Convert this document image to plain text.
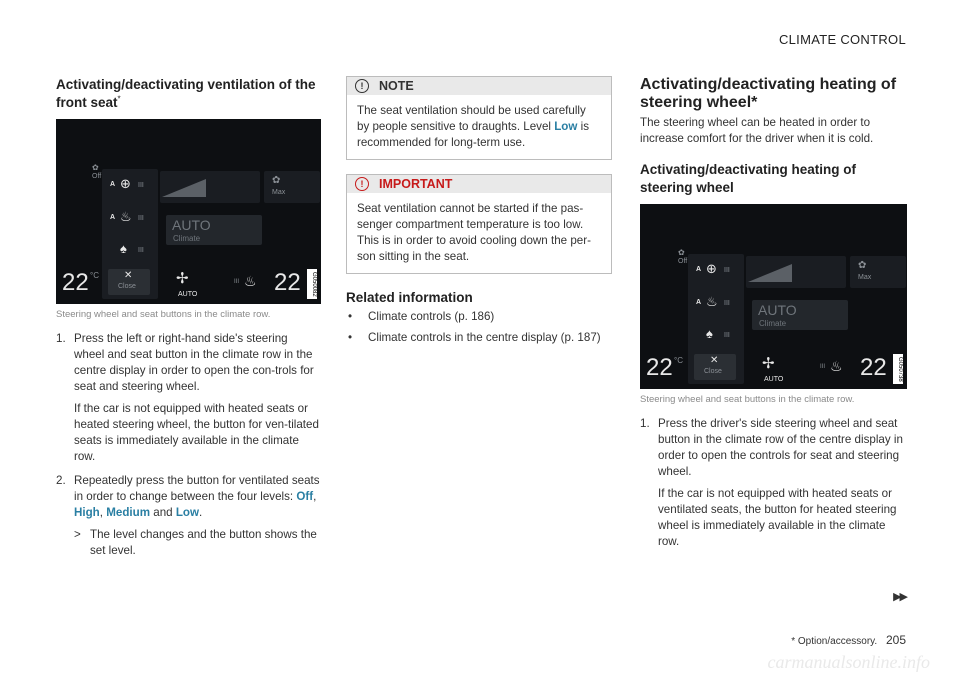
CLIMATE CONTROL
Activating/deactivating ventilation of the front seat*
Off
✿
A ⊕ III
A ♨ III
♠ III
✿
Max
AUTO
Climate
22 °C	✕
Close	✢
AUTO
III ♨ 22	G050082
Steering wheel and seat buttons in the climate row.
1. Press the left or right-hand side's steering wheel and seat button in the climate row in the centre display in order to open the con-trols for seat and steering wheel.

If the car is not equipped with heated seats or heated steering wheel, the button for ven-tilated seats is immediately available in the climate row.

2. Repeatedly press the button for ventilated seats in order to change between the four levels: Off, High, Medium and Low.

> The level changes and the button shows the set level.
!	NOTE

The seat ventilation should be used carefully by people sensitive to draughts. Level Low is recommended for long-term use.

!	IMPORTANT

Seat ventilation cannot be started if the pas-senger compartment temperature is too low. This is in order to avoid cooling down the per-son sitting in the seat.

Related information
• Climate controls (p. 186)
• Climate controls in the centre display (p. 187)
Activating/deactivating heating of steering wheel*

The steering wheel can be heated in order to increase comfort for the driver when it is cold.

Activating/deactivating heating of steering wheel
Off
✿
A ⊕ III
A ♨ III
♠ III
✿
Max
AUTO
Climate
22 °C	✕
Close	✢
AUTO
III ♨ 22	G050738
Steering wheel and seat buttons in the climate row.
1. Press the driver's side steering wheel and seat button in the climate row of the centre display in order to open the controls for seat and steering wheel.

If the car is not equipped with heated seats or ventilated seats, the button for heated steering wheel is immediately available in the climate row.

▶▶
* Option/accessory. 205
carmanualsonline.info
